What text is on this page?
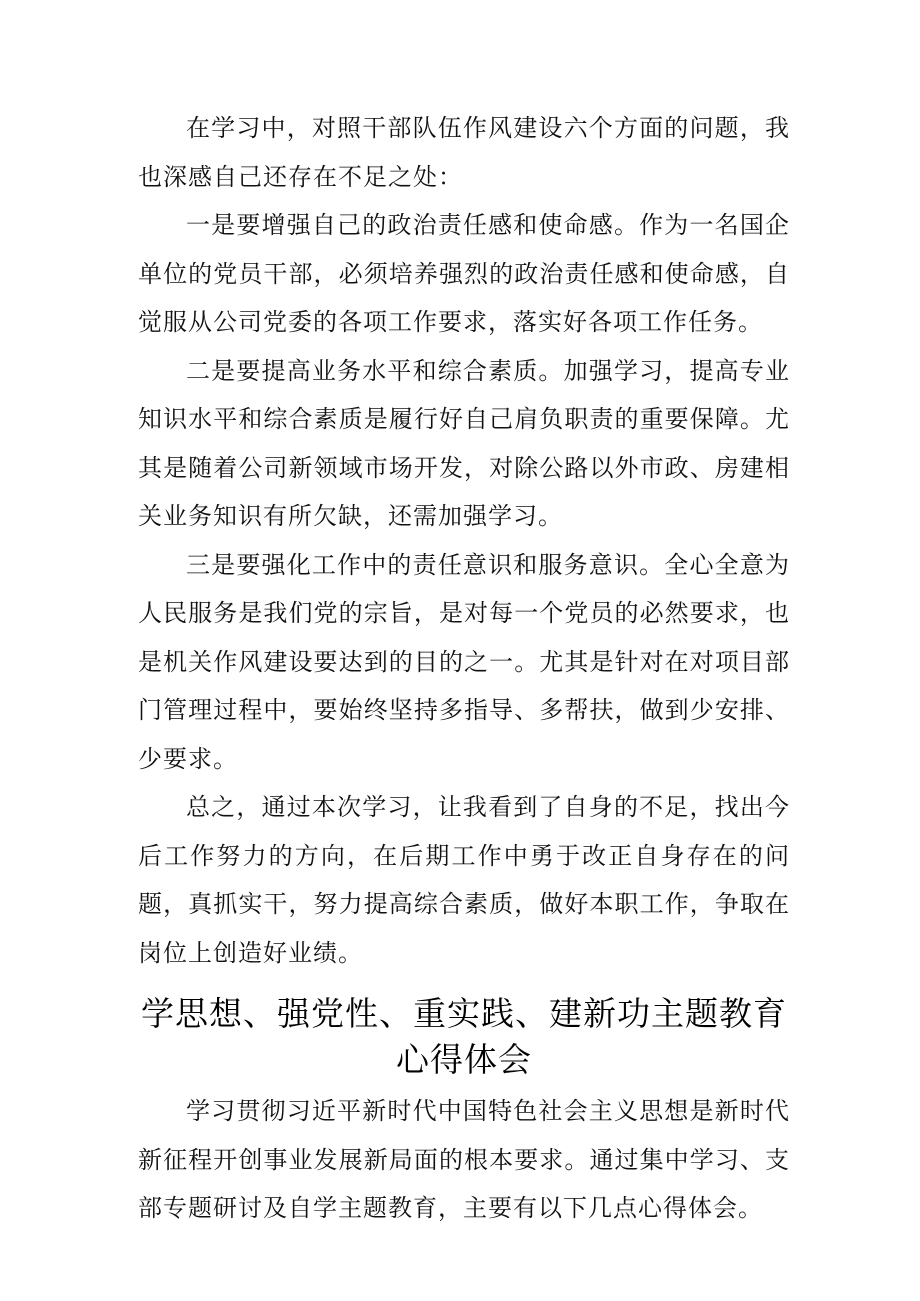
在学习中，对照干部队伍作风建设六个方面的问题，我也深感自己还存在不足之处：

一是要增强自己的政治责任感和使命感。作为一名国企单位的党员干部，必须培养强烈的政治责任感和使命感，自觉服从公司党委的各项工作要求，落实好各项工作任务。

二是要提高业务水平和综合素质。加强学习，提高专业知识水平和综合素质是履行好自己肩负职责的重要保障。尤其是随着公司新领域市场开发，对除公路以外市政、房建相关业务知识有所欠缺，还需加强学习。

三是要强化工作中的责任意识和服务意识。全心全意为人民服务是我们党的宗旨，是对每一个党员的必然要求，也是机关作风建设要达到的目的之一。尤其是针对在对项目部门管理过程中，要始终坚持多指导、多帮扶，做到少安排、少要求。

总之，通过本次学习，让我看到了自身的不足，找出今后工作努力的方向，在后期工作中勇于改正自身存在的问题，真抓实干，努力提高综合素质，做好本职工作，争取在岗位上创造好业绩。

学思想、强党性、重实践、建新功主题教育心得体会

学习贯彻习近平新时代中国特色社会主义思想是新时代新征程开创事业发展新局面的根本要求。通过集中学习、支部专题研讨及自学主题教育，主要有以下几点心得体会。
